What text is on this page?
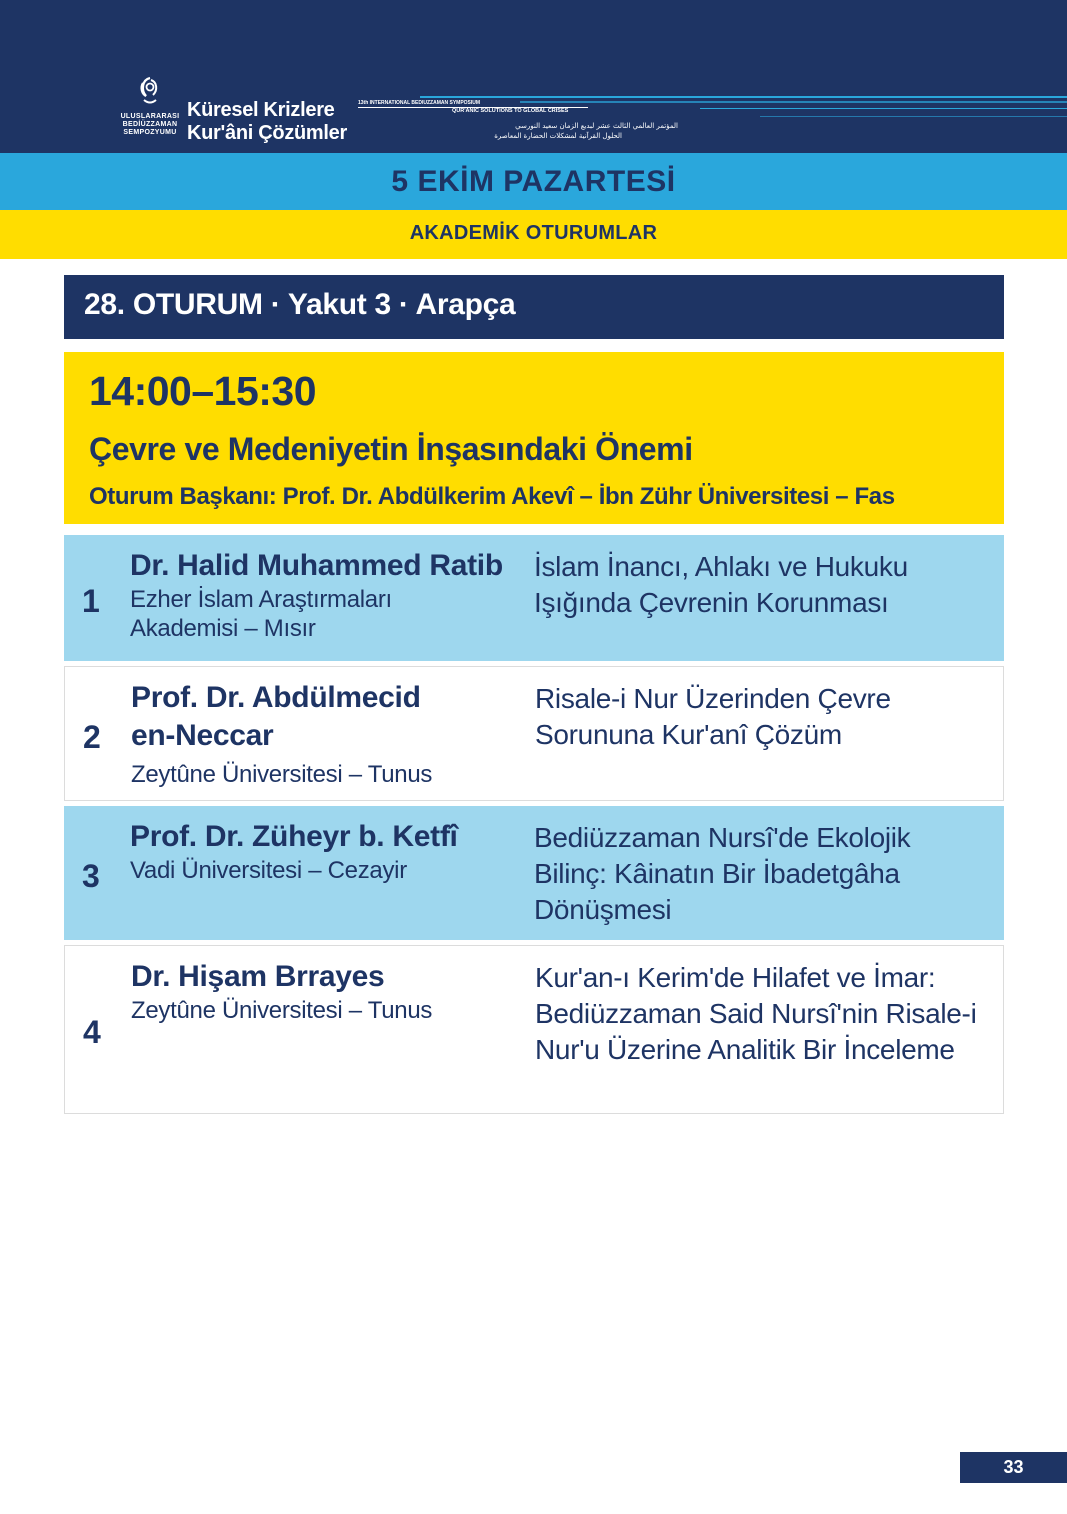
ULUSLARARASI
BEDİÜZZAMAN
SEMPOZYUMU
Küresel Krizlere
Kur'âni Çözümler
13th INTERNATIONAL BEDIUZZAMAN SYMPOSIUM
QUR'ANIC SOLUTIONS TO GLOBAL CRISES
المؤتمر العالمي الثالث عشر لبديع الزمان سعيد النورسي
الحلول القرآنية لمشكلات الحضارة المعاصرة
5 EKİM PAZARTESİ
AKADEMİK OTURUMLAR
28. OTURUM · Yakut 3 · Arapça
14:00–15:30
Çevre ve Medeniyetin İnşasındaki Önemi
Oturum Başkanı: Prof. Dr. Abdülkerim Akevî – İbn Zühr Üniversitesi – Fas
1
Dr. Halid Muhammed Ratib
Ezher İslam Araştırmaları Akademisi – Mısır
İslam İnancı, Ahlakı ve Hukuku Işığında Çevrenin Korunması
2
Prof. Dr. Abdülmecid en-Neccar
Zeytûne Üniversitesi – Tunus
Risale-i Nur Üzerinden Çevre Sorununa Kur'anî Çözüm
3
Prof. Dr. Züheyr b. Ketfî
Vadi Üniversitesi – Cezayir
Bediüzzaman Nursî'de Ekolojik Bilinç: Kâinatın Bir İbadetgâha Dönüşmesi
4
Dr. Hişam Brrayes
Zeytûne Üniversitesi – Tunus
Kur'an-ı Kerim'de Hilafet ve İmar: Bediüzzaman Said Nursî'nin Risale-i Nur'u Üzerine Analitik Bir İnceleme
33
